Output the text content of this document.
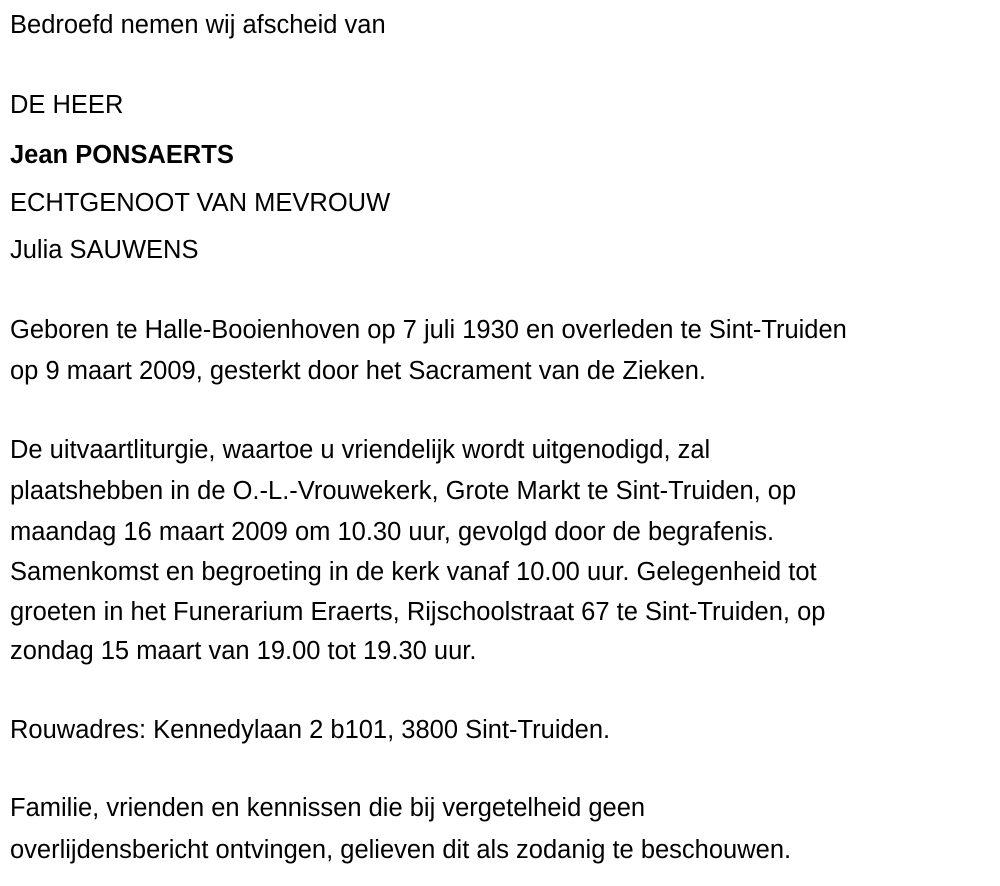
Bedroefd nemen wij afscheid van
DE HEER
Jean PONSAERTS
ECHTGENOOT VAN MEVROUW
Julia SAUWENS
Geboren te Halle-Booienhoven op 7 juli 1930 en overleden te Sint-Truiden
op 9 maart 2009, gesterkt door het Sacrament van de Zieken.
De uitvaartliturgie, waartoe u vriendelijk wordt uitgenodigd, zal
plaatshebben in de O.-L.-Vrouwekerk, Grote Markt te Sint-Truiden, op
maandag 16 maart 2009 om 10.30 uur, gevolgd door de begrafenis.
Samenkomst en begroeting in de kerk vanaf 10.00 uur. Gelegenheid tot
groeten in het Funerarium Eraerts, Rijschoolstraat 67 te Sint-Truiden, op
zondag 15 maart van 19.00 tot 19.30 uur.
Rouwadres: Kennedylaan 2 b101, 3800 Sint-Truiden.
Familie, vrienden en kennissen die bij vergetelheid geen
overlijdensbericht ontvingen, gelieven dit als zodanig te beschouwen.
